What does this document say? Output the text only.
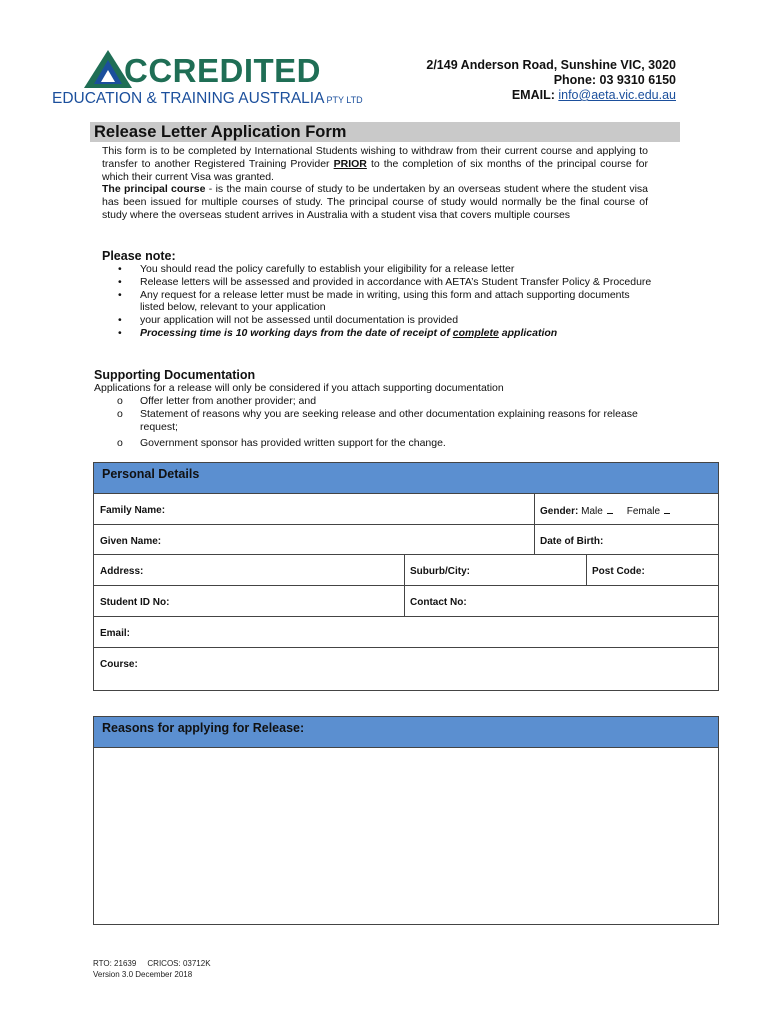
CCREDITED
EDUCATION & TRAINING AUSTRALIA PTY LTD
2/149 Anderson Road, Sunshine VIC, 3020
Phone: 03 9310 6150
EMAIL: info@aeta.vic.edu.au
Release Letter Application Form

This form is to be completed by International Students wishing to withdraw from their current course and applying to transfer to another Registered Training Provider PRIOR to the completion of six months of the principal course for which their current Visa was granted.

The principal course - is the main course of study to be undertaken by an overseas student where the student visa has been issued for multiple courses of study. The principal course of study would normally be the final course of study where the overseas student arrives in Australia with a student visa that covers multiple courses

Please note:
• You should read the policy carefully to establish your eligibility for a release letter
• Release letters will be assessed and provided in accordance with AETA’s Student Transfer Policy & Procedure
• Any request for a release letter must be made in writing, using this form and attach supporting documents listed below, relevant to your application
• your application will not be assessed until documentation is provided
• Processing time is 10 working days from the date of receipt of complete application
Supporting Documentation
Applications for a release will only be considered if you attach supporting documentation
o Offer letter from another provider; and
o Statement of reasons why you are seeking release and other documentation explaining reasons for release request;
o Government sponsor has provided written support for the change.
Personal Details
Family Name:	Gender: Male Female
Given Name:	Date of Birth:
Address:	Suburb/City:	Post Code:
Student ID No:	Contact No:
Email:
Course:
Reasons for applying for Release:
RTO: 21639     CRICOS: 03712K
Version 3.0 December 2018
